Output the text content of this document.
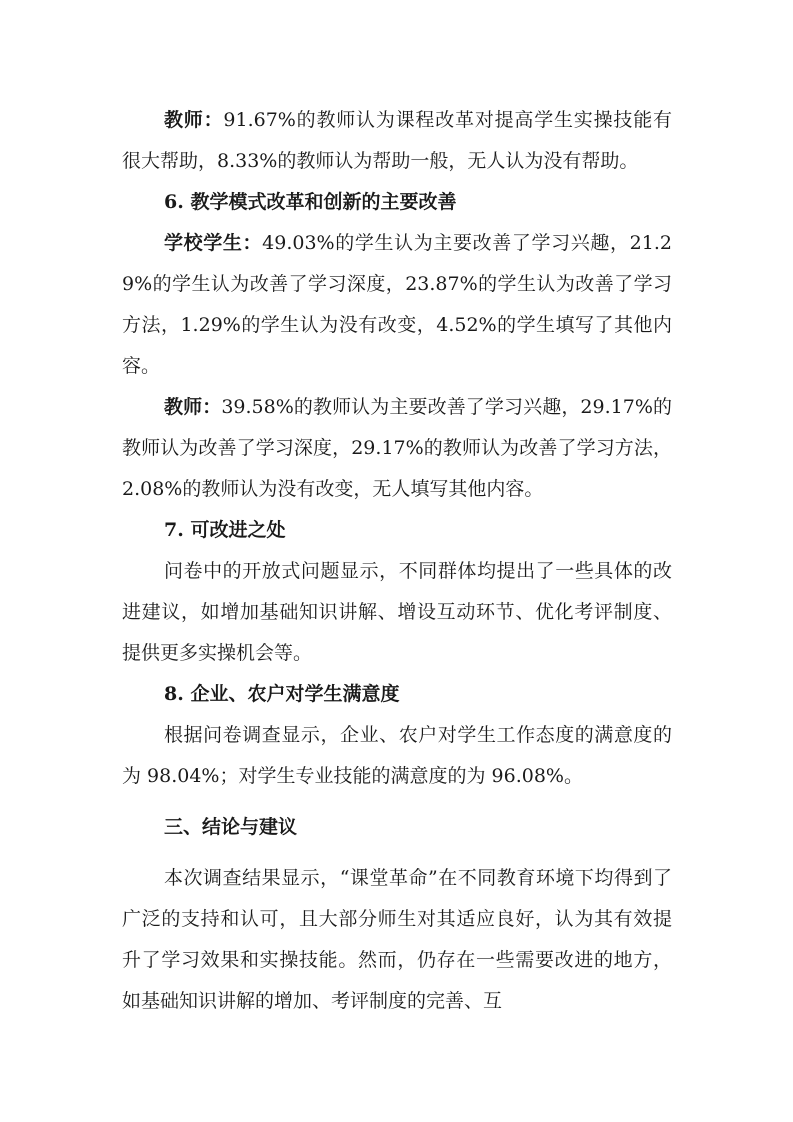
教师：91.67%的教师认为课程改革对提高学生实操技能有很大帮助，8.33%的教师认为帮助一般，无人认为没有帮助。

6. 教学模式改革和创新的主要改善

学校学生：49.03%的学生认为主要改善了学习兴趣，21.29%的学生认为改善了学习深度，23.87%的学生认为改善了学习方法，1.29%的学生认为没有改变，4.52%的学生填写了其他内容。

教师：39.58%的教师认为主要改善了学习兴趣，29.17%的教师认为改善了学习深度，29.17%的教师认为改善了学习方法，2.08%的教师认为没有改变，无人填写其他内容。

7. 可改进之处

问卷中的开放式问题显示，不同群体均提出了一些具体的改进建议，如增加基础知识讲解、增设互动环节、优化考评制度、提供更多实操机会等。

8. 企业、农户对学生满意度

根据问卷调查显示，企业、农户对学生工作态度的满意度的为 98.04%；对学生专业技能的满意度的为 96.08%。

三、结论与建议

本次调查结果显示，“课堂革命”在不同教育环境下均得到了广泛的支持和认可，且大部分师生对其适应良好，认为其有效提升了学习效果和实操技能。然而，仍存在一些需要改进的地方，如基础知识讲解的增加、考评制度的完善、互
